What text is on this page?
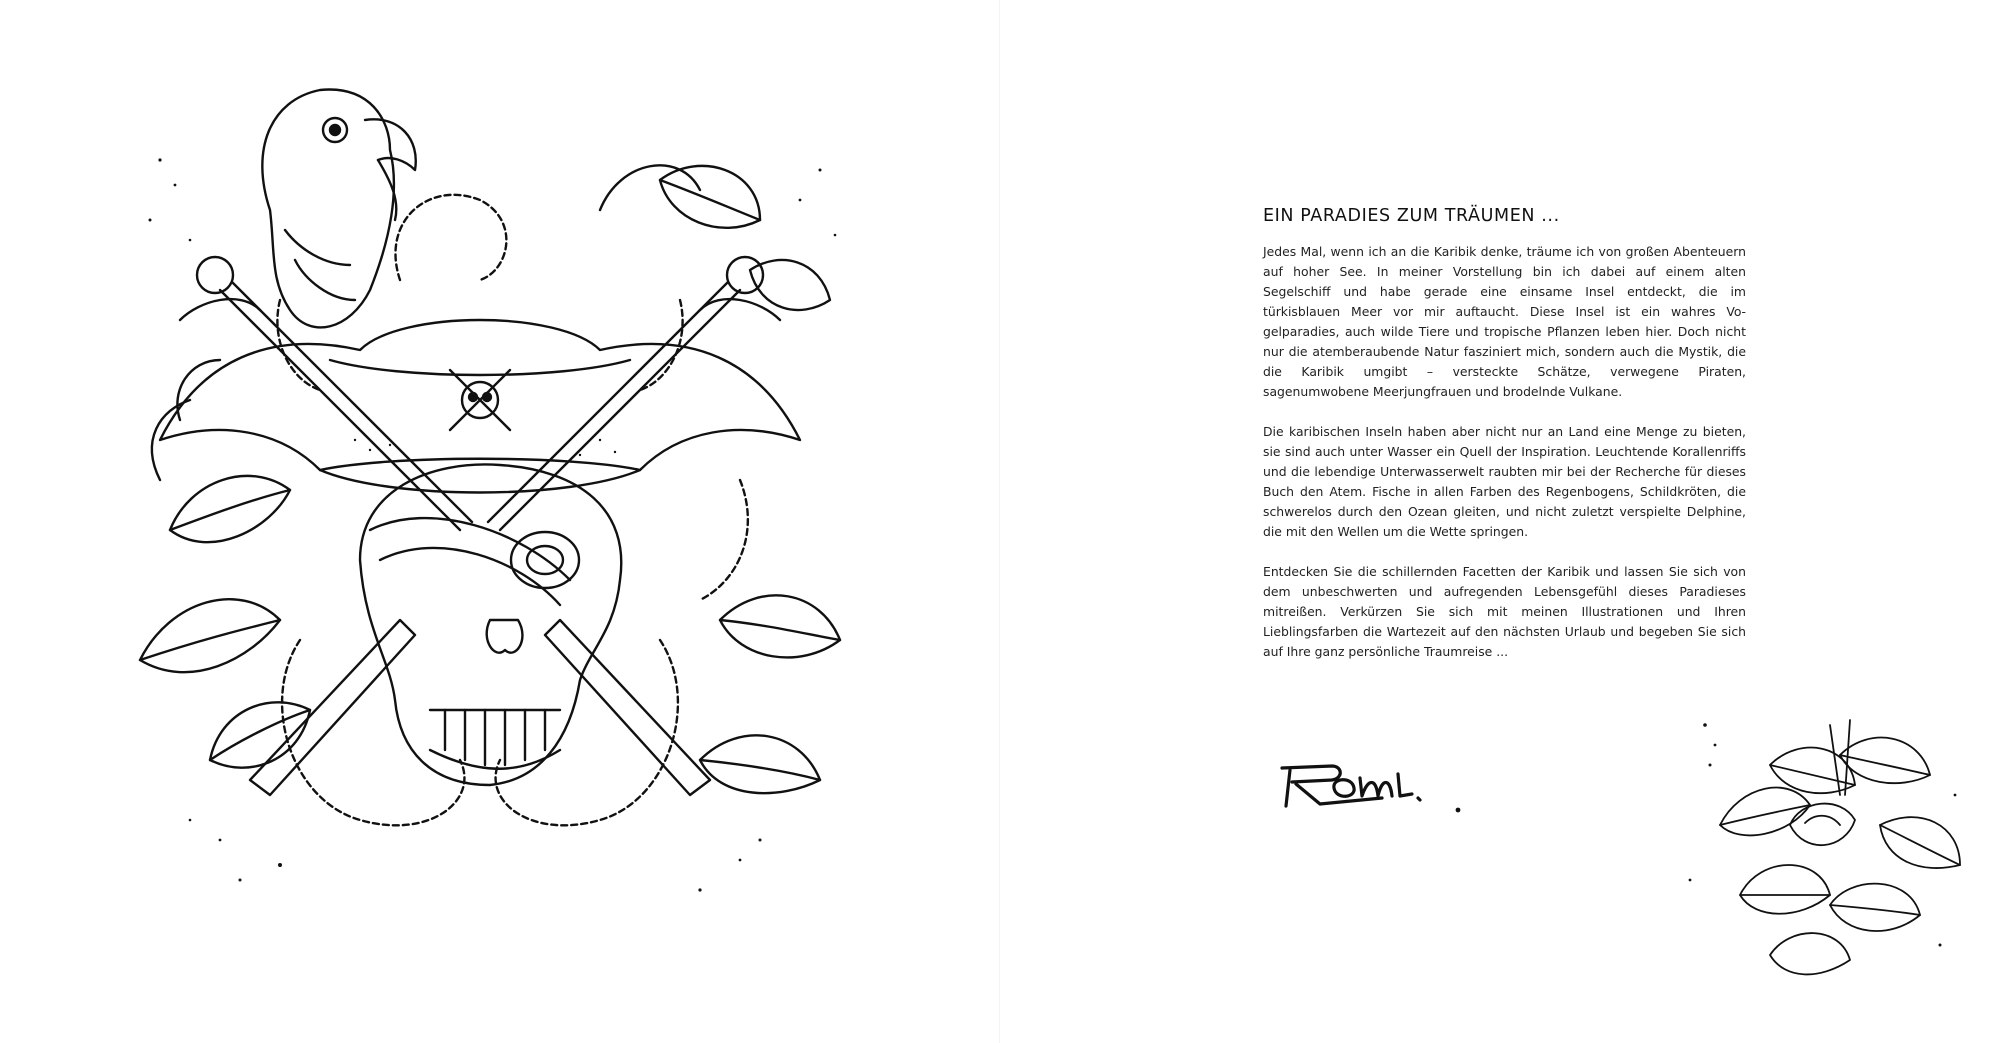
EIN PARADIES ZUM TRÄUMEN ...

Jedes Mal, wenn ich an die Karibik denke, träume ich von großen Abenteuern auf hoher See. In meiner Vorstellung bin ich dabei auf einem alten Segelschiff und habe gerade eine einsame Insel entdeckt, die im türkisblauen Meer vor mir auftaucht. Diese Insel ist ein wahres Vogelparadies, auch wilde Tiere und tropische Pflanzen leben hier. Doch nicht nur die atemberaubende Natur fasziniert mich, sondern auch die Mystik, die die Karibik umgibt – versteckte Schätze, verwegene Piraten, sagenumwobene Meerjungfrauen und brodelnde Vulkane.

Die karibischen Inseln haben aber nicht nur an Land eine Menge zu bieten, sie sind auch unter Wasser ein Quell der Inspiration. Leuchtende Korallenriffs und die lebendige Unterwasserwelt raubten mir bei der Recherche für dieses Buch den Atem. Fische in allen Farben des Regenbogens, Schildkröten, die schwerelos durch den Ozean gleiten, und nicht zuletzt verspielte Delphine, die mit den Wellen um die Wette springen.

Entdecken Sie die schillernden Facetten der Karibik und lassen Sie sich von dem unbeschwerten und aufregenden Lebensgefühl dieses Paradieses mitreißen. Verkürzen Sie sich mit meinen Illustrationen und Ihren Lieblingsfarben die Wartezeit auf den nächsten Urlaub und begeben Sie sich auf Ihre ganz persönliche Traumreise ...
